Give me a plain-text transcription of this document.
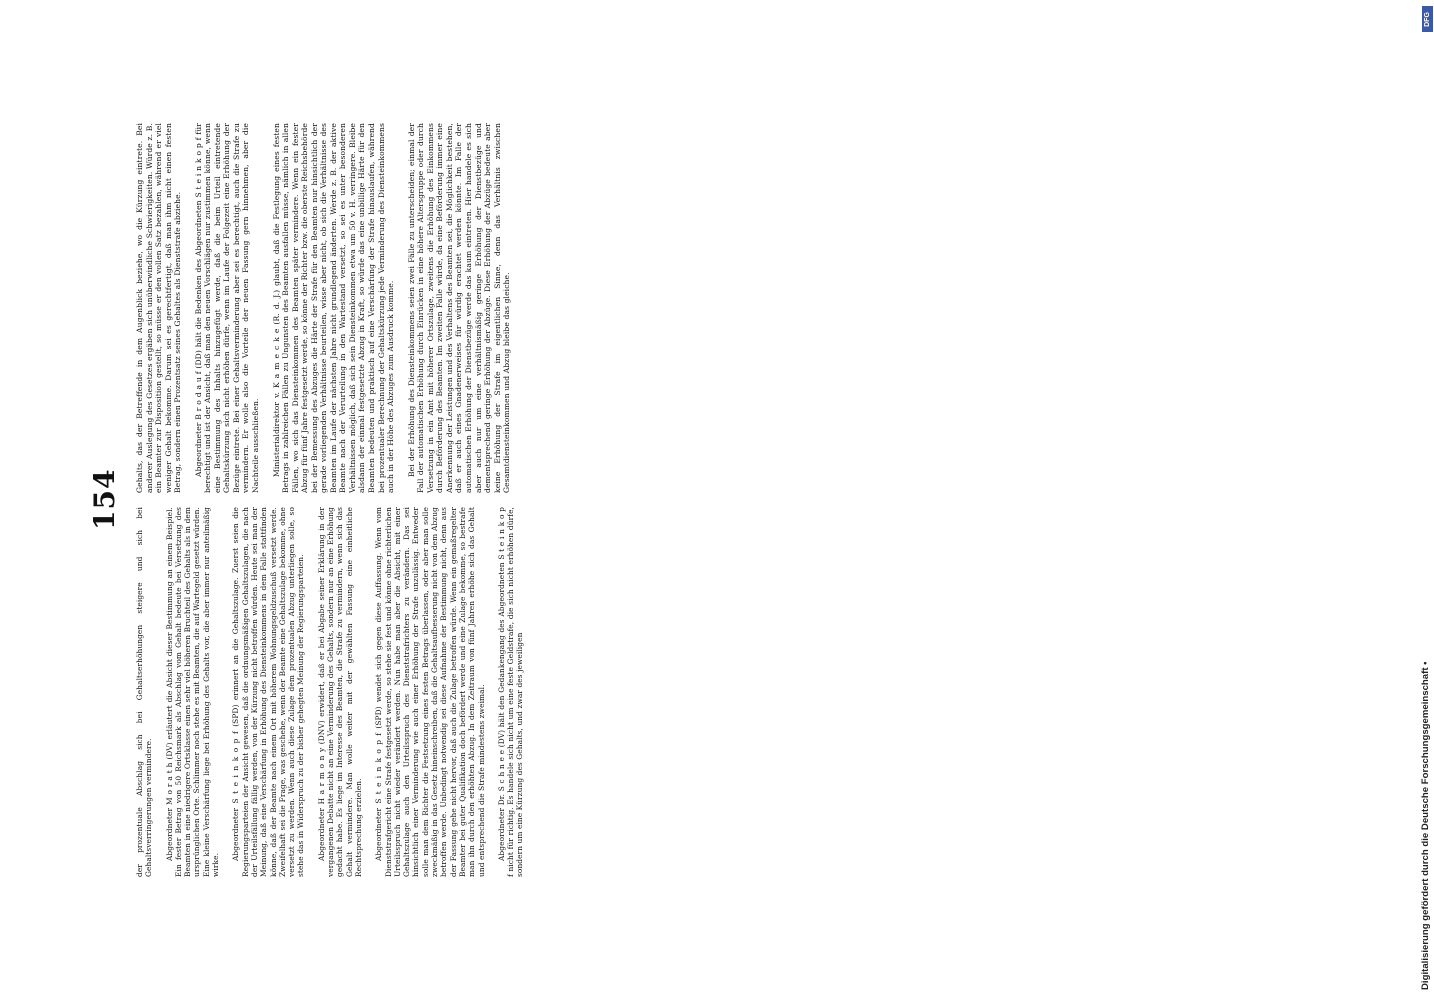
154

der prozentuale Abschlag sich bei Gehaltserhöhungen steigere und sich bei Gehaltsverringerungen vermindere. Abgeordneter M o r a t h (DV) erläutert die Absicht dieser Bestimmung an einem Beispiel. Ein fester Betrag von 50 Reichsmark als Abschlag vom Gehalt bedeute bei Versetzung des Beamten in eine niedrigere Ortsklasse einen sehr viel höheren Bruchteil des Gehalts als in dem ursprünglichen Orte. Schlimmer noch stehe es mit Beamten, die auf Wartegeld gesetzt würden. Eine kleine Verschärfung liege bei Erhöhung des Gehalts vor, die aber immer nur anteilmäßig wirke.

Abgeordneter S t e i n k o p f (SPD) erinnert an die Gehaltszulage. Zuerst seien die Regierungsparteien der Ansicht gewesen, daß die ordnungsmäßigen Gehaltszulagen, die nach der Urteilsfällung fällig werden, von der Kürzung nicht betroffen würden. Heute sei man der Meinung, daß eine Verschärfung in Erhöhung des Diensteinkommens in dem Falle stattfinden könne, daß der Beamte nach einem Ort mit höherem Wohnungsgeldzuschuß versetzt werde. Zweifelhaft sei die Frage, was geschehe, wenn der Beamte eine Gehaltszulage bekomme, ohne versetzt zu werden. Wenn auch diese Zulage dem prozentualen Abzug unterliegen solle, so stehe das in Widerspruch zu der bisher gehegten Meinung der Regierungsparteien. Abgeordneter H a r m o n y (DNV) erwidert, daß er bei Abgabe seiner Erklärung in der vergangenen Debatte nicht an eine Verminderung des Gehalts, sondern nur an eine Erhöhung gedacht habe. Es liege im Interesse des Beamten, die Strafe zu vermindern, wenn sich das Gehalt vermindere. Man wolle weiter mit der gewählten Fassung eine einheitliche Rechtsprechung erzielen. Abgeordneter S t e i n k o p f (SPD) wendet sich gegen diese Auffassung. Wenn vom Dienststrafgericht eine Strafe festgesetzt werde, so stehe sie fest und könne ohne richterlichen Urteilsspruch nicht wieder verändert werden. Nun habe man aber die Absicht, mit einer Gehaltszulage auch den Urteilsspruch des Dienststrafrichters zu verändern. Das sei hinsichtlich einer Verminderung wie auch einer Erhöhung der Strafe unzulässig. Entweder solle man dem Richter die Festsetzung eines festen Betrags überlassen, oder aber man solle zweckmäßig in das Gesetz hineinschreiben, daß die Gehaltsaufbesserung nicht von dem Abzug betroffen werde. Unbedingt notwendig sei diese Aufnahme der Bestimmung nicht, denn aus der Fassung gehe nicht hervor, daß auch die Zulage betroffen würde. Wenn ein gemaßregelter Beamter bei guter Qualifikation doch befördert werde und eine Zulage bekomme, so bestrafe man ihn durch den erhöhten Abzug. In dem Zeitraum von fünf Jahren erhöhe sich das Gehalt und entsprechend die Strafe mindestens zweimal. Abgeordneter Dr. S c h n e e (DV) hält den Gedankengang des Abgeordneten S t e i n k o p f nicht für richtig. Es handele sich nicht um eine feste Geldstrafe, die sich nicht erhöhen dürfe, sondern um eine Kürzung des Gehalts, und zwar des jeweiligen

Gehalts, das der Betreffende in dem Augenblick beziehe, wo die Kürzung eintrete. Bei anderer Auslegung des Gesetzes ergäben sich unüberwindliche Schwierigkeiten. Würde z. B. ein Beamter zur Disposition gestellt, so müsse er den vollen Satz bezahlen, während er viel weniger Gehalt bekomme. Darum sei es gerechtfertigt, daß man ihm nicht einen festen Betrag, sondern einen Prozentsatz seines Gehaltes als Dienststrafe abziehe. Abgeordneter B r o d a u f (DD) hält die Bedenken des Abgeordneten S t e i n k o p f für berechtigt und ist der Ansicht, daß man den neuen Vorschlägen nur zustimmen könne, wenn eine Bestimmung des Inhalts hinzugefügt werde, daß die beim Urteil eintretende Gehaltskürzung sich nicht erhöhen dürfe, wenn im Laufe der Folgezeit eine Erhöhung der Bezüge eintrete. Bei einer Gehaltsverminderung aber sei es berechtigt, auch die Strafe zu vermindern. Er wolle also die Vorteile der neuen Fassung gern hinnehmen, aber die Nachteile ausschließen. Ministerialdirektor v. K a m e c k e (R. d. J.) glaubt, daß die Festlegung eines festen Betrags in zahlreichen Fällen zu Ungunsten des Beamten ausfallen müsse, nämlich in allen Fällen, wo sich das Diensteinkommen des Beamten später vermindere. Wenn ein fester Abzug für fünf Jahre festgesetzt werde, so könne der Richter bzw. die oberste Reichsbehörde bei der Bemessung des Abzuges die Härte der Strafe für den Beamten nur hinsichtlich der gerade vorliegenden Verhältnisse beurteilen, wisse aber nicht, ob sich die Verhältnisse des Beamten im Laufe der nächsten Jahre nicht grundlegend änderten. Werde z. B. der aktive Beamte nach der Verurteilung in den Wartestand versetzt, so sei es unter besonderen Verhältnissen möglich, daß sich sein Diensteinkommen etwa um 50 v. H. verringere. Bleibe alsdann der einmal festgesetzte Abzug in Kraft, so würde das eine unbillige Härte für den Beamten bedeuten und praktisch auf eine Verschärfung der Strafe hinauslaufen, während bei prozentualer Berechnung der Gehaltskürzung jede Verminderung des Diensteinkommens auch in der Höhe des Abzuges zum Ausdruck komme. Bei der Erhöhung des Diensteinkommens seien zwei Fälle zu unterscheiden; einmal der Fall der automatischen Erhöhung durch Einrücken in eine höhere Altersgruppe oder durch Versetzung in ein Amt mit höherer Ortszulage, zweitens die Erhöhung des Einkommens durch Beförderung des Beamten. Im zweiten Falle würde, da eine Beförderung immer eine Anerkennung der Leistungen und des Verhaltens des Beamten sei, die Möglichkeit bestehen, daß er auch eines Gnadenerweises für würdig erachtet werden könnte. Im Falle der automatischen Erhöhung der Dienstbezüge werde das kaum eintreten. Hier handele es sich aber auch nur um eine verhältnismäßig geringe Erhöhung der Dienstbezüge und dementsprechend geringe Erhöhung der Abzüge. Diese Erhöhung der Abzüge bedeute aber keine Erhöhung der Strafe im eigentlichen Sinne, denn das Verhältnis zwischen Gesamtdiensteinkommen und Abzug bleibe das gleiche.

Digitalisierung gefördert durch die Deutsche Forschungsgemeinschaft •
DFG
